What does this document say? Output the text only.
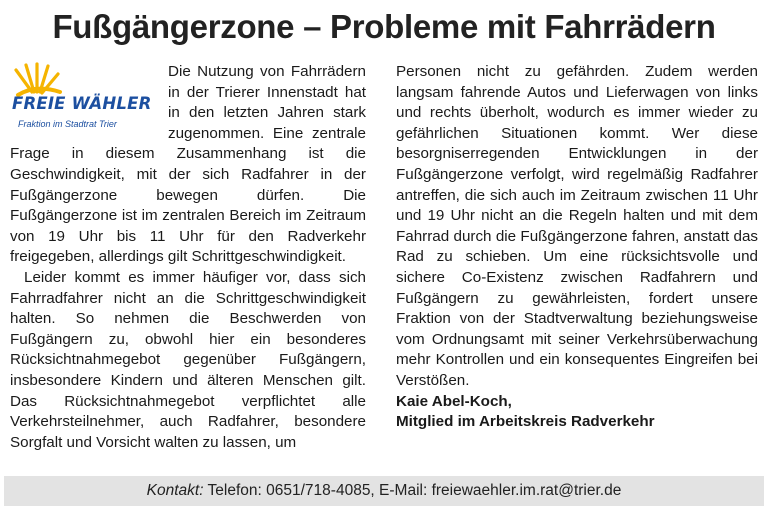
Fußgängerzone – Probleme mit Fahrrädern
FREIE WÄHLER
Fraktion im Stadtrat Trier

Die Nutzung von Fahrrädern in der Trierer Innenstadt hat in den letzten Jahren stark zugenommen. Eine zentrale Frage in diesem Zusammenhang ist die Geschwindigkeit, mit der sich Radfahrer in der Fußgängerzone bewegen dürfen. Die Fußgängerzone ist im zentralen Bereich im Zeitraum von 19 Uhr bis 11 Uhr für den Radverkehr freigegeben, allerdings gilt Schrittgeschwindigkeit.

Leider kommt es immer häufiger vor, dass sich Fahrradfahrer nicht an die Schrittgeschwindigkeit halten. So nehmen die Beschwerden von Fußgängern zu, obwohl hier ein besonderes Rücksichtnahmegebot gegenüber Fußgängern, insbesondere Kindern und älteren Menschen gilt. Das Rücksichtnahmegebot verpflichtet alle Verkehrsteilnehmer, auch Radfahrer, besondere Sorgfalt und Vorsicht walten zu lassen, um

Personen nicht zu gefährden. Zudem werden langsam fahrende Autos und Lieferwagen von links und rechts überholt, wodurch es immer wieder zu gefährlichen Situationen kommt. Wer diese besorgniserregenden Entwicklungen in der Fußgängerzone verfolgt, wird regelmäßig Radfahrer antreffen, die sich auch im Zeitraum zwischen 11 Uhr und 19 Uhr nicht an die Regeln halten und mit dem Fahrrad durch die Fußgängerzone fahren, anstatt das Rad zu schieben. Um eine rücksichtsvolle und sichere Co-Existenz zwischen Radfahrern und Fußgängern zu gewährleisten, fordert unsere Fraktion von der Stadtverwaltung beziehungsweise vom Ordnungsamt mit seiner Verkehrsüberwachung mehr Kontrollen und ein konsequentes Eingreifen bei Verstößen.

Kaie Abel-Koch,

Mitglied im Arbeitskreis Radverkehr

Kontakt: Telefon: 0651/718-4085, E-Mail: freiewaehler.im.rat@trier.de
